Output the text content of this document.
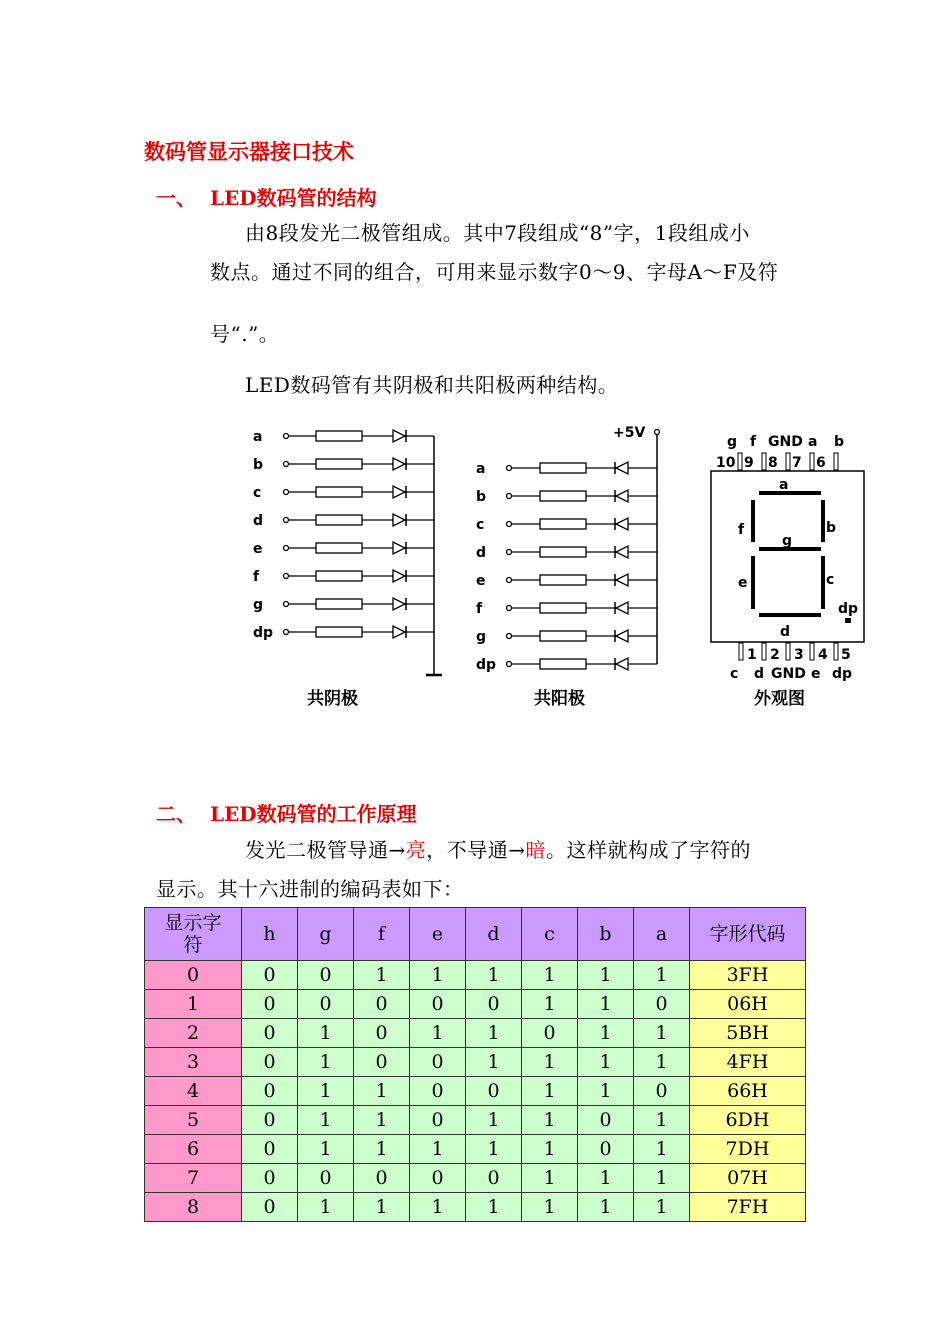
数码管显示器接口技术
一、 LED数码管的结构
由8段发光二极管组成。其中7段组成“8”字，1段组成小
数点。通过不同的组合，可用来显示数字0～9、字母A～F及符
号“.”。
LED数码管有共阴极和共阳极两种结构。
a
b
c
d
e
f
g
dp
共阴极
+5V
a
b
c
d
e
f
g
dp
共阳极
g f GND a b
10 9 8 7 6
a
b
c
d
e
f
g
dp
1 2 3 4 5
c d GND e dp
外观图
二、 LED数码管的工作原理
发光二极管导通→亮，不导通→暗。这样就构成了字符的
显示。其十六进制的编码表如下：
显示字
符	h	g	f	e	d	c	b	a	字形代码
0	0	0	1	1	1	1	1	1	3FH
1	0	0	0	0	0	1	1	0	06H
2	0	1	0	1	1	0	1	1	5BH
3	0	1	0	0	1	1	1	1	4FH
4	0	1	1	0	0	1	1	0	66H
5	0	1	1	0	1	1	0	1	6DH
6	0	1	1	1	1	1	0	1	7DH
7	0	0	0	0	0	1	1	1	07H
8	0	1	1	1	1	1	1	1	7FH
